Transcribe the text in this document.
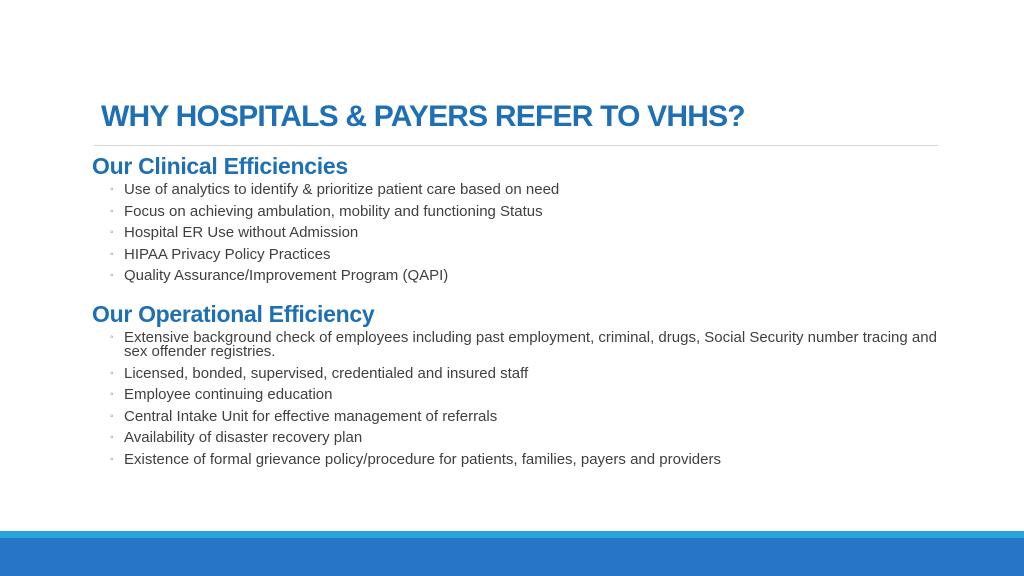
WHY HOSPITALS & PAYERS REFER TO VHHS?
Our Clinical Efficiencies
◦ Use of analytics to identify & prioritize patient care based on need
◦ Focus on achieving ambulation, mobility and functioning Status
◦ Hospital ER Use without Admission
◦ HIPAA Privacy Policy Practices
◦ Quality Assurance/Improvement Program (QAPI)
Our Operational Efficiency
◦ Extensive background check of employees including past employment, criminal, drugs, Social Security number tracing and sex offender registries.
◦ Licensed, bonded, supervised, credentialed and insured staff
◦ Employee continuing education
◦ Central Intake Unit for effective management of referrals
◦ Availability of disaster recovery plan
◦ Existence of formal grievance policy/procedure for patients, families, payers and providers
